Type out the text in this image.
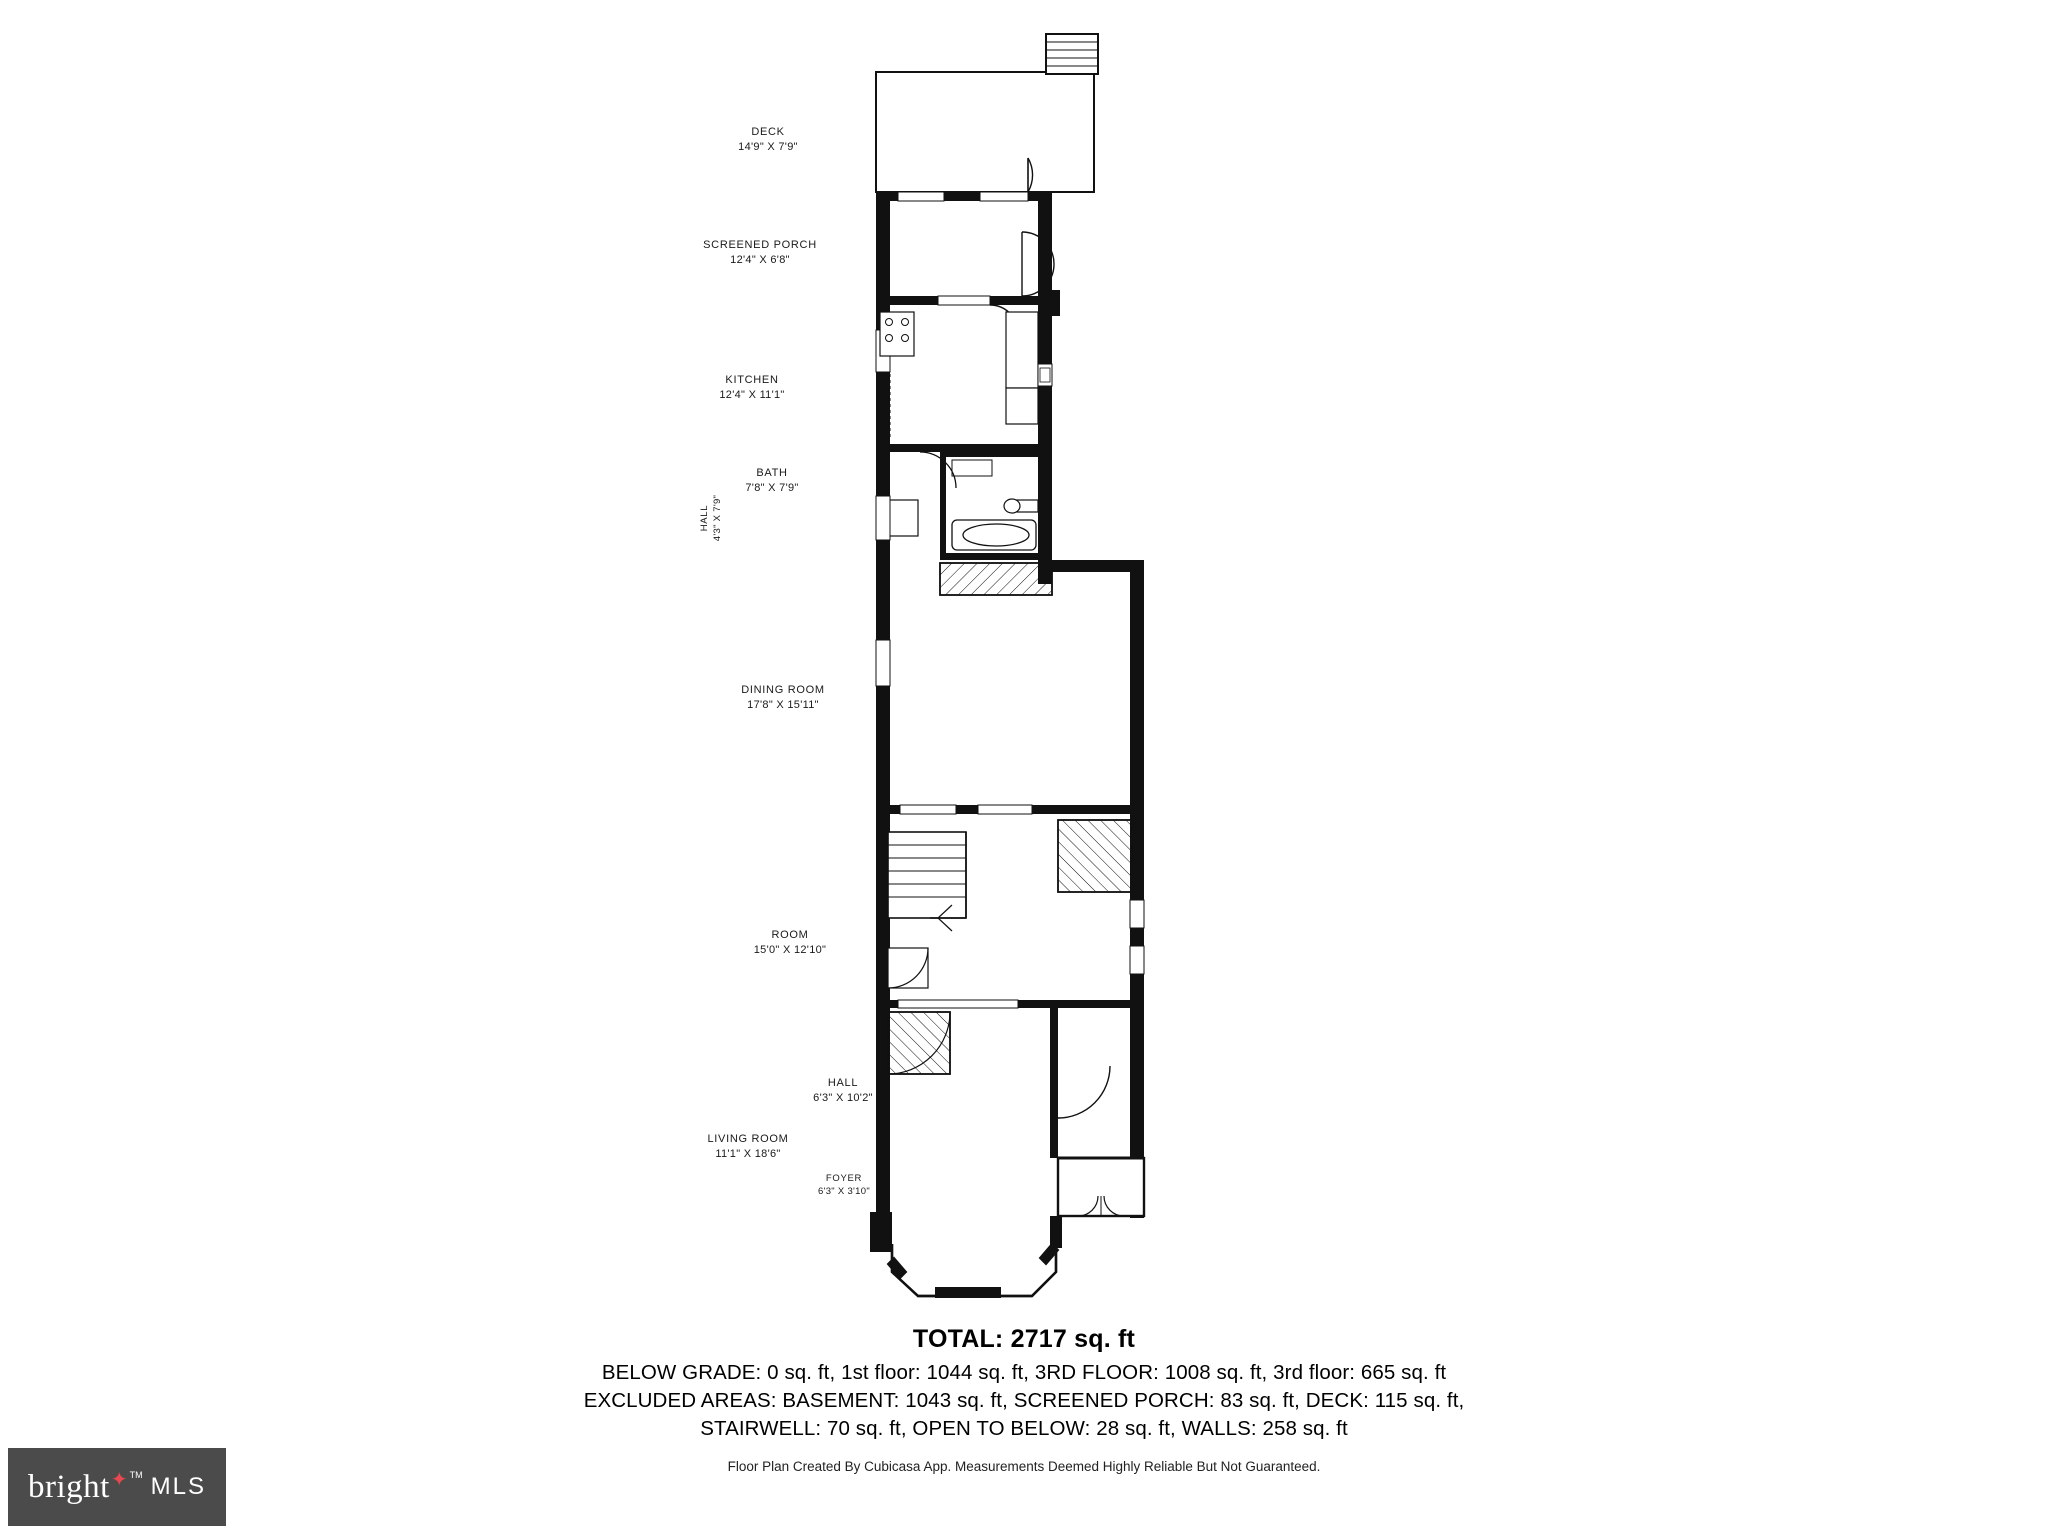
DECK
14'9" X 7'9"
SCREENED PORCH
12'4" X 6'8"
KITCHEN
12'4" X 11'1"
BATH
7'8" X 7'9"
HALL 4'3" X 7'9"
DINING ROOM
17'8" X 15'11"
ROOM
15'0" X 12'10"
HALL
6'3" X 10'2"
LIVING ROOM
11'1" X 18'6"
FOYER
6'3" X 3'10"
TOTAL: 2717 sq. ft
BELOW GRADE: 0 sq. ft, 1st floor: 1044 sq. ft, 3RD FLOOR: 1008 sq. ft, 3rd floor: 665 sq. ft
EXCLUDED AREAS: BASEMENT: 1043 sq. ft, SCREENED PORCH: 83 sq. ft, DECK: 115 sq. ft,
STAIRWELL: 70 sq. ft, OPEN TO BELOW: 28 sq. ft, WALLS: 258 sq. ft
Floor Plan Created By Cubicasa App. Measurements Deemed Highly Reliable But Not Guaranteed.
bright ✦ TM MLS
